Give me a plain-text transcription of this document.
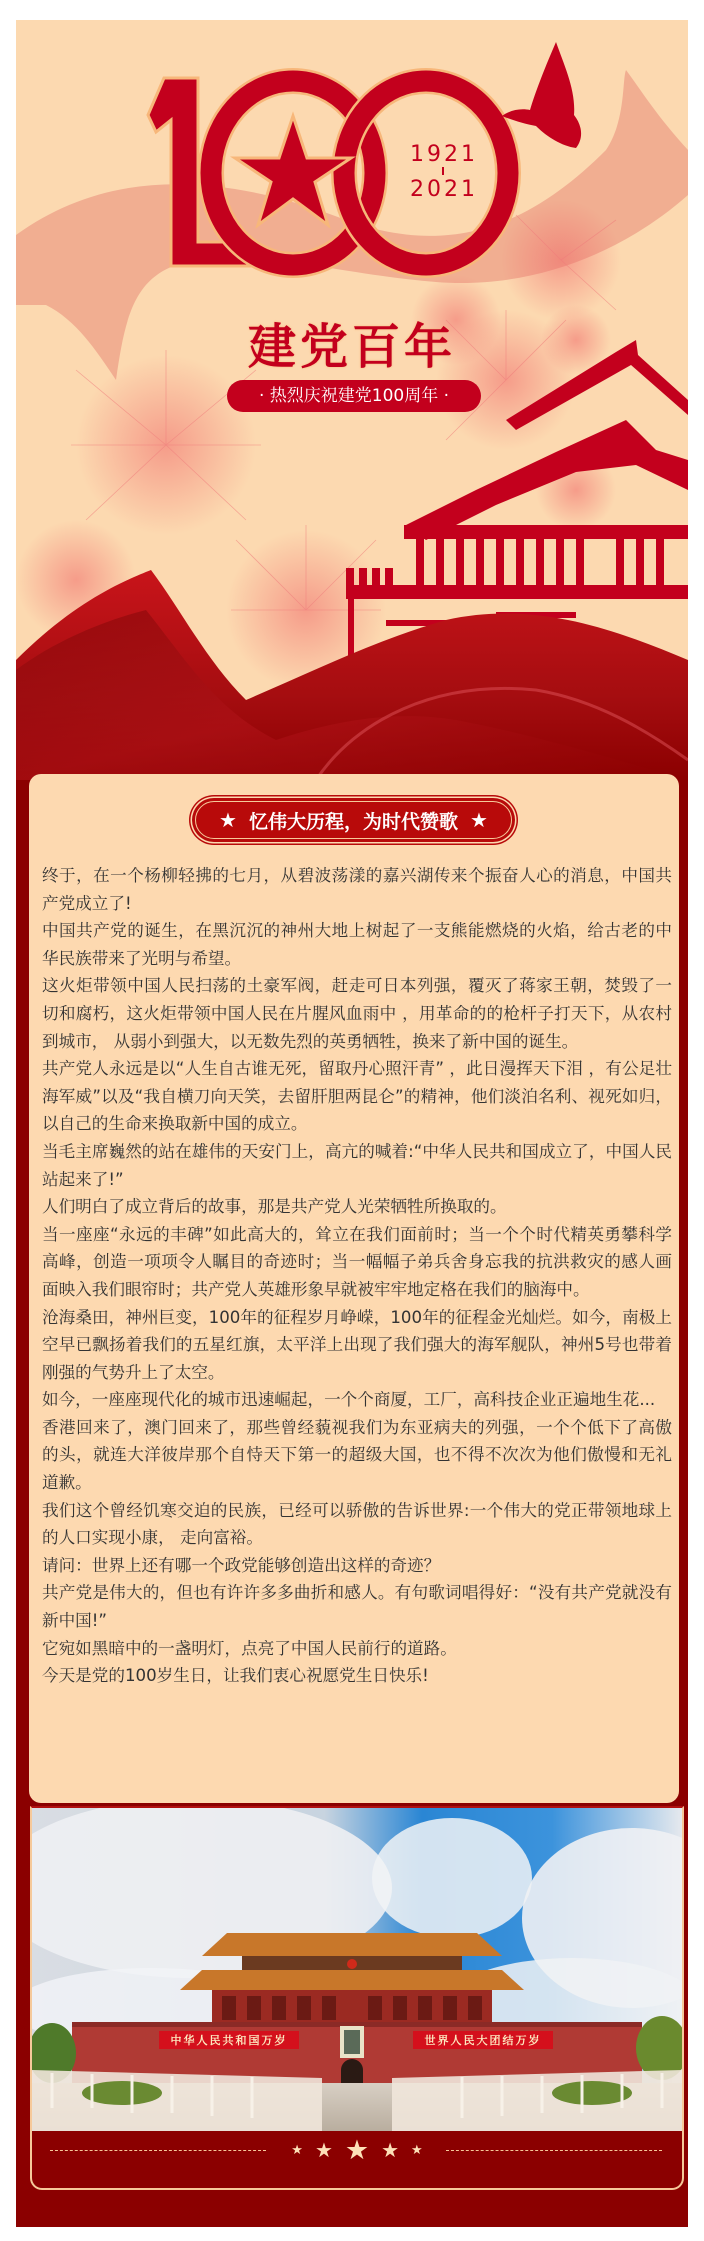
1921
2021
建党百年
· 热烈庆祝建党100周年 ·
★ 忆伟大历程，为时代赞歌 ★

终于，在一个杨柳轻拂的七月，从碧波荡漾的嘉兴湖传来个振奋人心的消息，中国共产党成立了!

中国共产党的诞生，在黑沉沉的神州大地上树起了一支熊能燃烧的火焰，给古老的中华民族带来了光明与希望。

这火炬带领中国人民扫荡的土豪军阀，赶走可日本列强，覆灭了蒋家王朝，焚毁了一切和腐朽，这火炬带领中国人民在片腥风血雨中 ，用革命的的枪杆子打天下，从农村到城市， 从弱小到强大，以无数先烈的英勇牺牲，换来了新中国的诞生。

共产党人永远是以“人生自古谁无死，留取丹心照汗青” ，此日漫挥天下泪 ，有公足壮海军威”以及“我自横刀向天笑，去留肝胆两昆仑”的精神，他们淡泊名利、视死如归，以自己的生命来换取新中国的成立。

当毛主席巍然的站在雄伟的天安门上，高亢的喊着:“中华人民共和国成立了，中国人民站起来了!”

人们明白了成立背后的故事，那是共产党人光荣牺牲所换取的。

当一座座“永远的丰碑”如此高大的，耸立在我们面前时；当一个个时代精英勇攀科学高峰，创造一项项令人瞩目的奇迹时；当一幅幅子弟兵舍身忘我的抗洪救灾的感人画面映入我们眼帘时；共产党人英雄形象早就被牢牢地定格在我们的脑海中。

沧海桑田，神州巨变，100年的征程岁月峥嵘，100年的征程金光灿烂。如今，南极上空早已飘扬着我们的五星红旗，太平洋上出现了我们强大的海军舰队，神州5号也带着刚强的气势升上了太空。

如今，一座座现代化的城市迅速崛起，一个个商厦，工厂，高科技企业正遍地生花...

香港回来了，澳门回来了，那些曾经藐视我们为东亚病夫的列强，一个个低下了高傲的头，就连大洋彼岸那个自恃天下第一的超级大国，也不得不次次为他们傲慢和无礼道歉。

我们这个曾经饥寒交迫的民族，已经可以骄傲的告诉世界:一个伟大的党正带领地球上的人口实现小康， 走向富裕。

请问：世界上还有哪一个政党能够创造出这样的奇迹？

共产党是伟大的，但也有许许多多曲折和感人。有句歌词唱得好：“没有共产党就没有新中国!”

它宛如黑暗中的一盏明灯，点亮了中国人民前行的道路。

今天是党的100岁生日，让我们衷心祝愿党生日快乐!

中华人民共和国万岁	世界人民大团结万岁
★ ★ ★ ★ ★
